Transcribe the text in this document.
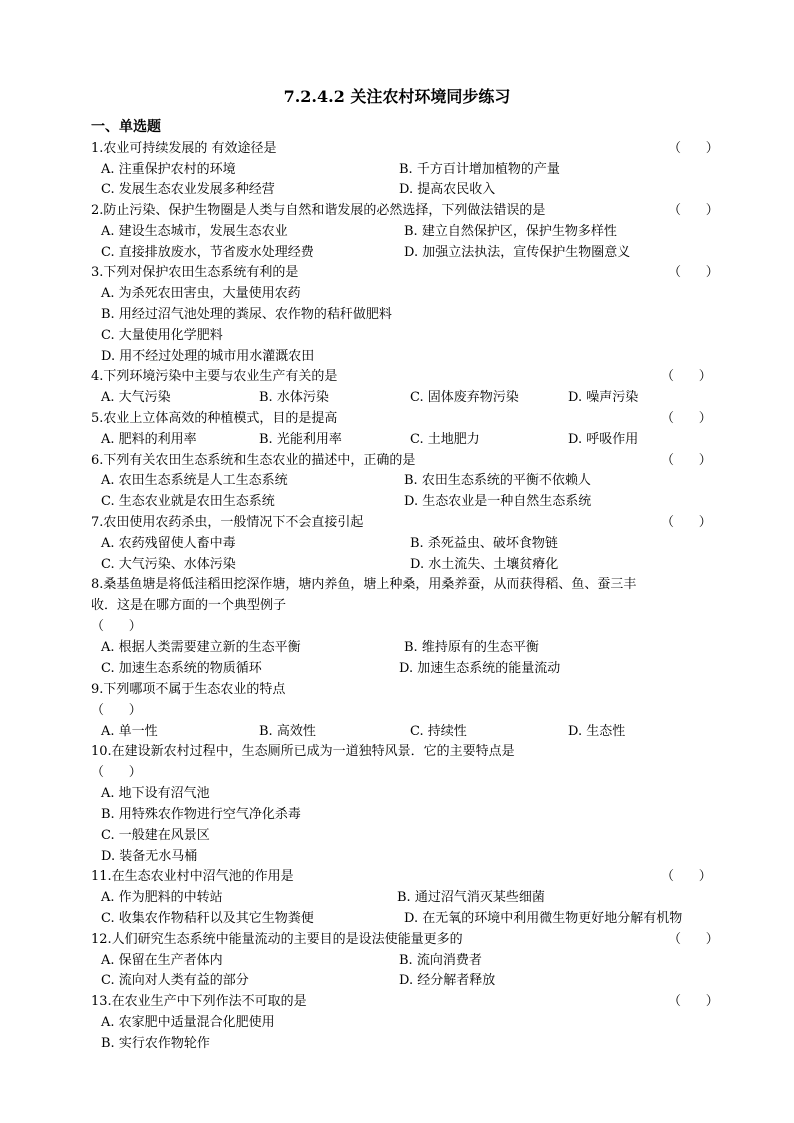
7.2.4.2 关注农村环境同步练习
一、单选题
1.农业可持续发展的 有效途径是	（      ）
A. 注重保护农村的环境	B. 千方百计增加植物的产量
C. 发展生态农业发展多种经营	D. 提高农民收入
2.防止污染、保护生物圈是人类与自然和谐发展的必然选择，下列做法错误的是	（      ）
A. 建设生态城市，发展生态农业	B. 建立自然保护区，保护生物多样性
C. 直接排放废水，节省废水处理经费	D. 加强立法执法，宣传保护生物圈意义
3.下列对保护农田生态系统有利的是	（      ）
A. 为杀死农田害虫，大量使用农药
B. 用经过沼气池处理的粪尿、农作物的秸秆做肥料
C. 大量使用化学肥料
D. 用不经过处理的城市用水灌溉农田
4.下列环境污染中主要与农业生产有关的是	（      ）
A. 大气污染	B. 水体污染	C. 固体废弃物污染	D. 噪声污染
5.农业上立体高效的种植模式，目的是提高	（      ）
A. 肥料的利用率	B. 光能利用率	C. 土地肥力	D. 呼吸作用
6.下列有关农田生态系统和生态农业的描述中，正确的是	（      ）
A. 农田生态系统是人工生态系统	B. 农田生态系统的平衡不依赖人
C. 生态农业就是农田生态系统	D. 生态农业是一种自然生态系统
7.农田使用农药杀虫，一般情况下不会直接引起	（      ）
A. 农药残留使人畜中毒	B. 杀死益虫、破坏食物链
C. 大气污染、水体污染	D. 水土流失、土壤贫瘠化
8.桑基鱼塘是将低洼稻田挖深作塘，塘内养鱼，塘上种桑，用桑养蚕，从而获得稻、鱼、蚕三丰
收．这是在哪方面的一个典型例子
（      ）
A. 根据人类需要建立新的生态平衡	B. 维持原有的生态平衡
C. 加速生态系统的物质循环	D. 加速生态系统的能量流动
9.下列哪项不属于生态农业的特点
（      ）
A. 单一性	B. 高效性	C. 持续性	D. 生态性
10.在建设新农村过程中，生态厕所已成为一道独特风景．它的主要特点是
（      ）
A. 地下设有沼气池
B. 用特殊农作物进行空气净化杀毒
C. 一般建在风景区
D. 装备无水马桶
11.在生态农业村中沼气池的作用是	（      ）
A. 作为肥料的中转站	B. 通过沼气消灭某些细菌
C. 收集农作物秸秆以及其它生物粪便	D. 在无氧的环境中利用微生物更好地分解有机物
12.人们研究生态系统中能量流动的主要目的是设法使能量更多的	（      ）
A. 保留在生产者体内	B. 流向消费者
C. 流向对人类有益的部分	D. 经分解者释放
13.在农业生产中下列作法不可取的是	（      ）
A. 农家肥中适量混合化肥使用
B. 实行农作物轮作
